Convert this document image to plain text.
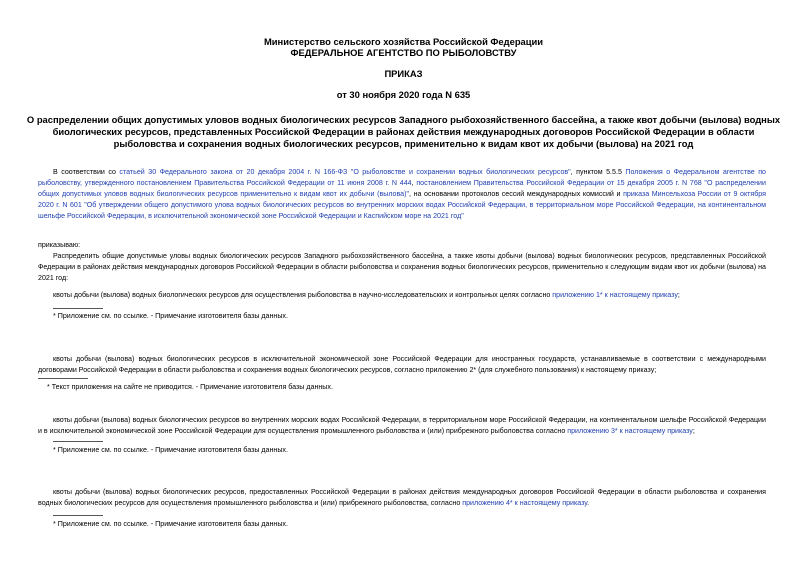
Министерство сельского хозяйства Российской Федерации
ФЕДЕРАЛЬНОЕ АГЕНТСТВО ПО РЫБОЛОВСТВУ
ПРИКАЗ
от 30 ноября 2020 года N 635
О распределении общих допустимых уловов водных биологических ресурсов Западного рыбохозяйственного бассейна, а также квот добычи (вылова) водных
биологических ресурсов, представленных Российской Федерации в районах действия международных договоров Российской Федерации в области
рыболовства и сохранения водных биологических ресурсов, применительно к видам квот их добычи (вылова) на 2021 год
В соответствии со статьей 30 Федерального закона от 20 декабря 2004 г. N 166-ФЗ "О рыболовстве и сохранении водных биологических ресурсов", пунктом 5.5.5 Положения о Федеральном агентстве по рыболовству, утвержденного постановлением Правительства Российской Федерации от 11 июня 2008 г. N 444, постановлением Правительства Российской Федерации от 15 декабря 2005 г. N 768 "О распределении общих допустимых уловов водных биологических ресурсов применительно к видам квот их добычи (вылова)", на основании протоколов сессий международных комиссий и приказа Минсельхоза России от 9 октября 2020 г. N 601 "Об утверждении общего допустимого улова водных биологических ресурсов во внутренних морских водах Российской Федерации, в территориальном море Российской Федерации, на континентальном шельфе Российской Федерации, в исключительной экономической зоне Российской Федерации и Каспийском море на 2021 год"
приказываю:
Распределить общие допустимые уловы водных биологических ресурсов Западного рыбохозяйственного бассейна, а также квоты добычи (вылова) водных биологических ресурсов, представленных Российской Федерации в районах действия международных договоров Российской Федерации в области рыболовства и сохранения водных биологических ресурсов, применительно к следующим видам квот их добычи (вылова) на 2021 год:
квоты добычи (вылова) водных биологических ресурсов для осуществления рыболовства в научно-исследовательских и контрольных целях согласно приложению 1* к настоящему приказу;
* Приложение см. по ссылке. - Примечание изготовителя базы данных.
квоты добычи (вылова) водных биологических ресурсов в исключительной экономической зоне Российской Федерации для иностранных государств, устанавливаемые в соответствии с международными договорами Российской Федерации в области рыболовства и сохранения водных биологических ресурсов, согласно приложению 2* (для служебного пользования) к настоящему приказу;
* Текст приложения на сайте не приводится. - Примечание изготовителя базы данных.
квоты добычи (вылова) водных биологических ресурсов во внутренних морских водах Российской Федерации, в территориальном море Российской Федерации, на континентальном шельфе Российской Федерации и в исключительной экономической зоне Российской Федерации для осуществления промышленного рыболовства и (или) прибрежного рыболовства согласно приложению 3* к настоящему приказу;
* Приложение см. по ссылке. - Примечание изготовителя базы данных.
квоты добычи (вылова) водных биологических ресурсов, предоставленных Российской Федерации в районах действия международных договоров Российской Федерации в области рыболовства и сохранения водных биологических ресурсов для осуществления промышленного рыболовства и (или) прибрежного рыболовства, согласно приложению 4* к настоящему приказу.
* Приложение см. по ссылке. - Примечание изготовителя базы данных.
